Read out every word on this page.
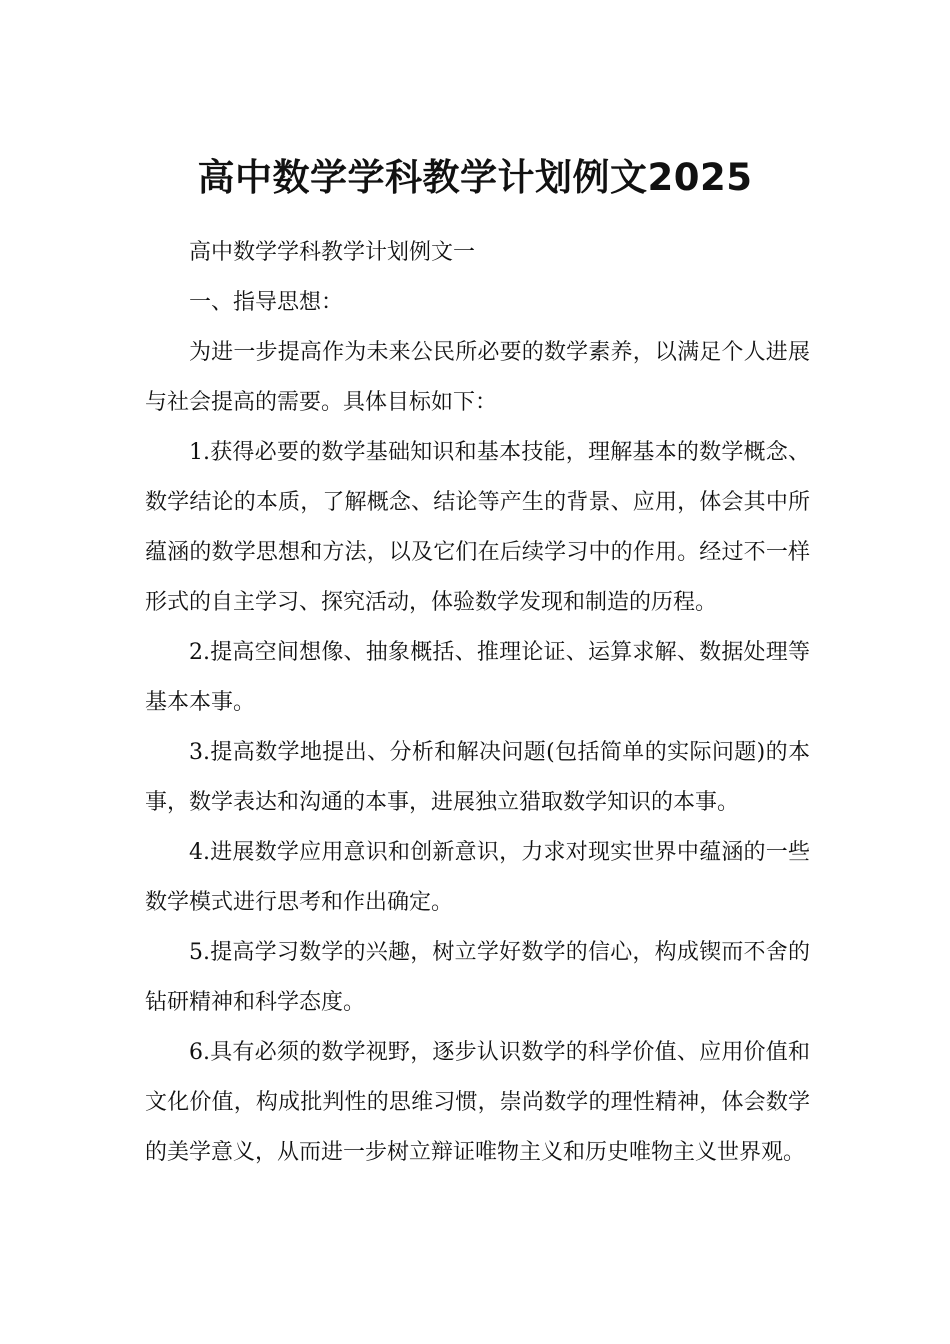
高中数学学科教学计划例文2025

高中数学学科教学计划例文一

一、指导思想：

为进一步提高作为未来公民所必要的数学素养，以满足个人进展与社会提高的需要。具体目标如下：

1.获得必要的数学基础知识和基本技能，理解基本的数学概念、数学结论的本质，了解概念、结论等产生的背景、应用，体会其中所蕴涵的数学思想和方法，以及它们在后续学习中的作用。经过不一样形式的自主学习、探究活动，体验数学发现和制造的历程。

2.提高空间想像、抽象概括、推理论证、运算求解、数据处理等基本本事。

3.提高数学地提出、分析和解决问题(包括简单的实际问题)的本事，数学表达和沟通的本事，进展独立猎取数学知识的本事。

4.进展数学应用意识和创新意识，力求对现实世界中蕴涵的一些数学模式进行思考和作出确定。

5.提高学习数学的兴趣，树立学好数学的信心，构成锲而不舍的钻研精神和科学态度。

6.具有必须的数学视野，逐步认识数学的科学价值、应用价值和文化价值，构成批判性的思维习惯，崇尚数学的理性精神，体会数学的美学意义，从而进一步树立辩证唯物主义和历史唯物主义世界观。
